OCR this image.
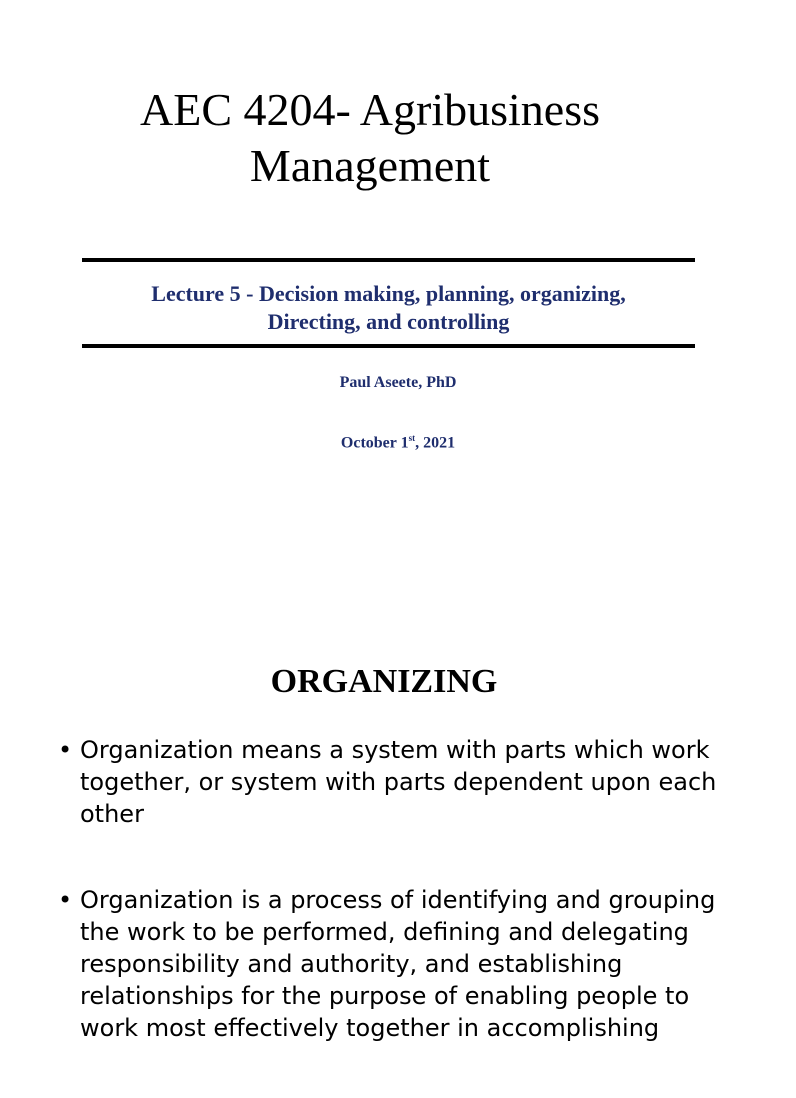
AEC 4204- Agribusiness
Management
Lecture 5 - Decision making, planning, organizing,
Directing, and controlling
Paul Aseete, PhD
October 1st, 2021
ORGANIZING
• Organization means a system with parts which work together, or system with parts dependent upon each other
• Organization is a process of identifying and grouping the work to be performed, defining and delegating responsibility and authority, and establishing relationships for the purpose of enabling people to work most effectively together in accomplishing
